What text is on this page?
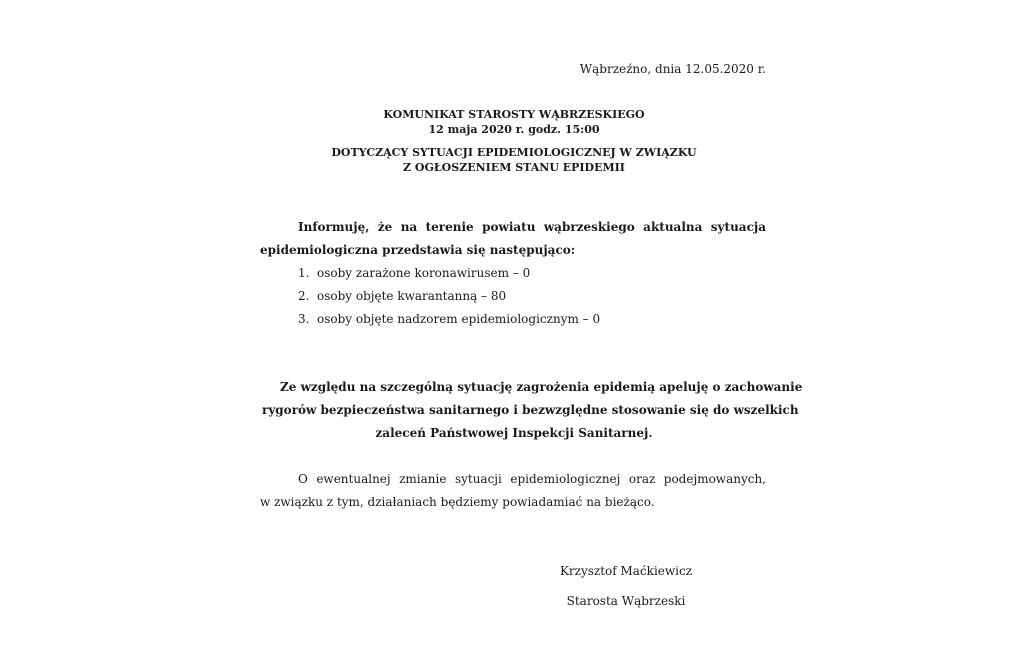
Wąbrzeźno, dnia 12.05.2020 r.
KOMUNIKAT STAROSTY WĄBRZESKIEGO
12 maja 2020 r. godz. 15:00
DOTYCZĄCY SYTUACJI EPIDEMIOLOGICZNEJ W ZWIĄZKU
Z OGŁOSZENIEM STANU EPIDEMII
Informuję, że na terenie powiatu wąbrzeskiego aktualna sytuacja
epidemiologiczna przedstawia się następująco:
1. osoby zarażone koronawirusem – 0
2. osoby objęte kwarantanną – 80
3. osoby objęte nadzorem epidemiologicznym – 0
Ze względu na szczególną sytuację zagrożenia epidemią apeluję o zachowanie
rygorów bezpieczeństwa sanitarnego i bezwzględne stosowanie się do wszelkich
zaleceń Państwowej Inspekcji Sanitarnej.
O ewentualnej zmianie sytuacji epidemiologicznej oraz podejmowanych,
w związku z tym, działaniach będziemy powiadamiać na bieżąco.
Krzysztof Maćkiewicz
Starosta Wąbrzeski
